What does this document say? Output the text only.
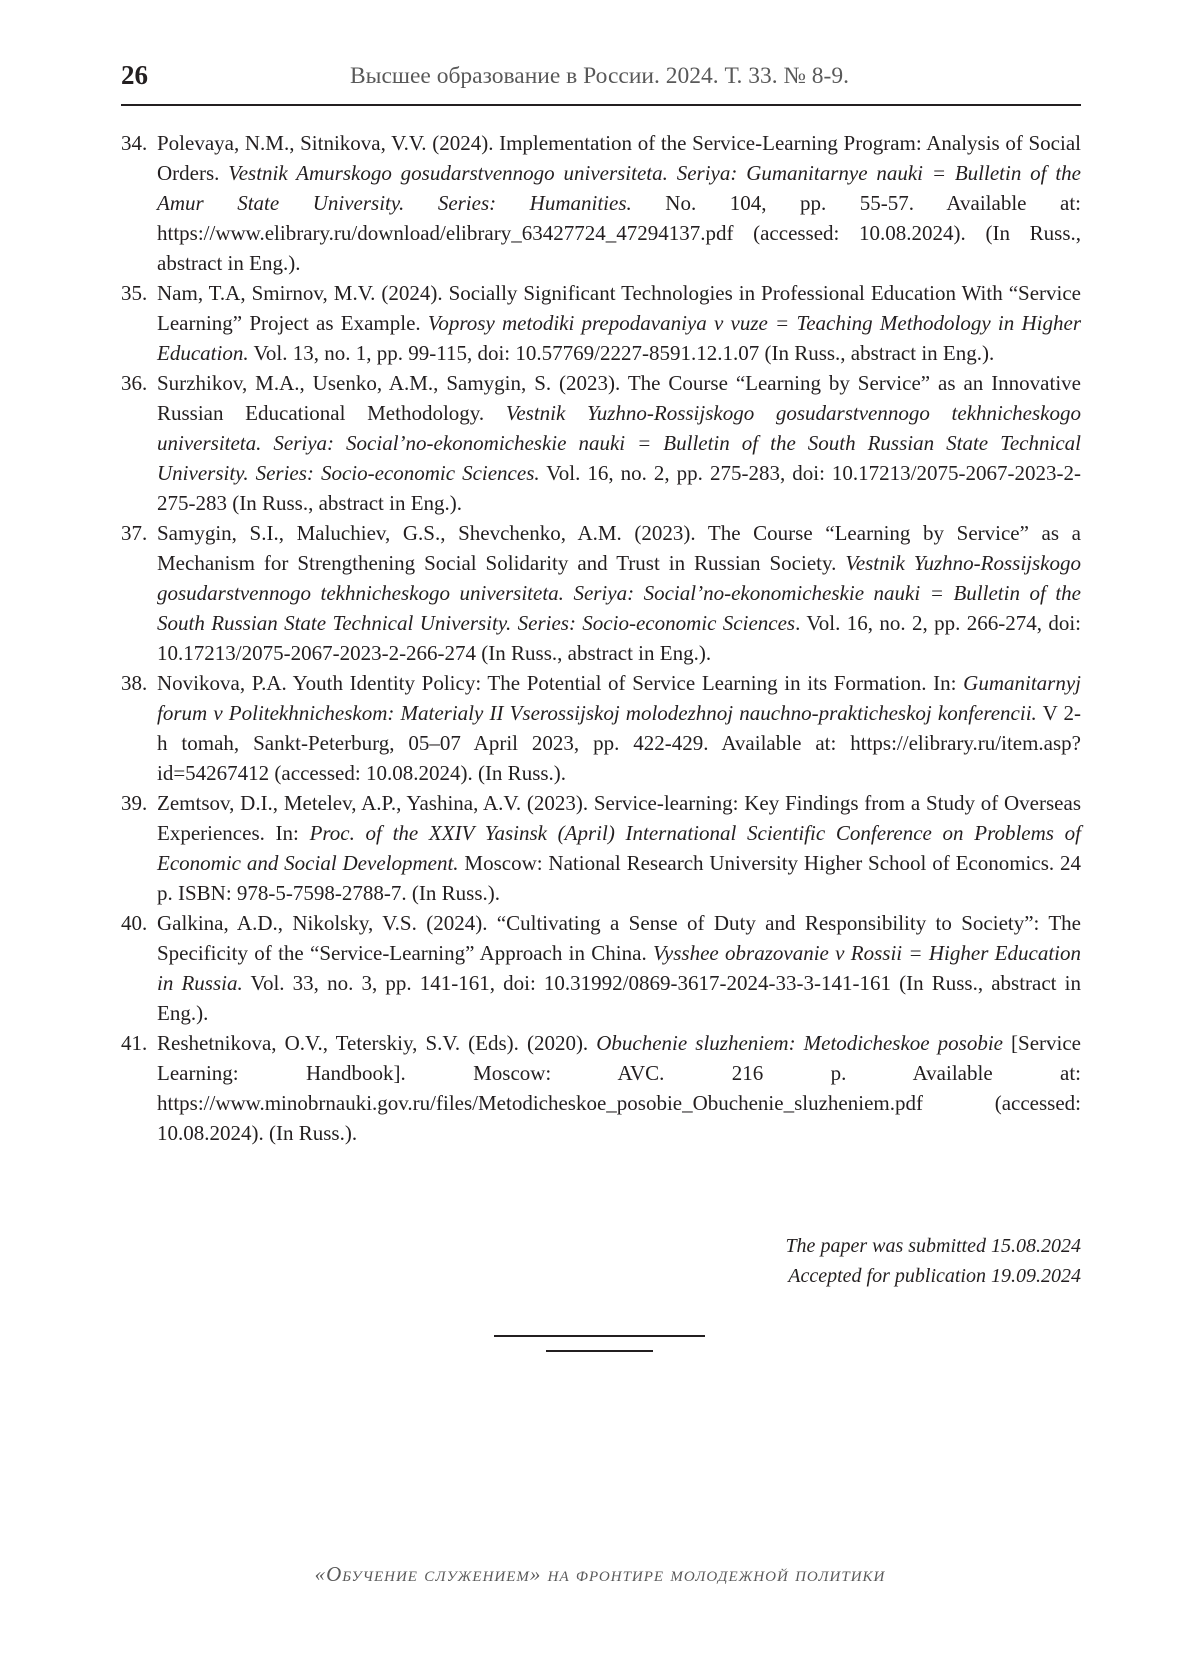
26	Высшее образование в России. 2024. Т. 33. № 8-9.
34. Polevaya, N.M., Sitnikova, V.V. (2024). Implementation of the Service-Learning Program: Analysis of Social Orders. Vestnik Amurskogo gosudarstvennogo universiteta. Seriya: Gumanitarnye nauki = Bulletin of the Amur State University. Series: Humanities. No. 104, pp. 55-57. Available at: https://www.elibrary.ru/download/elibrary_63427724_47294137.pdf (accessed: 10.08.2024). (In Russ., abstract in Eng.).
35. Nam, T.A, Smirnov, M.V. (2024). Socially Significant Technologies in Professional Education With “Service Learning” Project as Example. Voprosy metodiki prepodavaniya v vuze = Teaching Methodology in Higher Education. Vol. 13, no. 1, pp. 99-115, doi: 10.57769/2227-8591.12.1.07 (In Russ., abstract in Eng.).
36. Surzhikov, M.A., Usenko, A.M., Samygin, S. (2023). The Course “Learning by Service” as an Innovative Russian Educational Methodology. Vestnik Yuzhno-Rossijskogo gosudarstvennogo tekhnicheskogo universiteta. Seriya: Social’no-ekonomicheskie nauki = Bulletin of the South Russian State Technical University. Series: Socio-economic Sciences. Vol. 16, no. 2, pp. 275-283, doi: 10.17213/2075-2067-2023-2-275-283 (In Russ., abstract in Eng.).
37. Samygin, S.I., Maluchiev, G.S., Shevchenko, A.M. (2023). The Course “Learning by Service” as a Mechanism for Strengthening Social Solidarity and Trust in Russian Society. Vestnik Yuzhno-Rossijskogo gosudarstvennogo tekhnicheskogo universiteta. Seriya: Social’no-ekonomicheskie nauki = Bulletin of the South Russian State Technical University. Series: Socio-economic Sciences. Vol. 16, no. 2, pp. 266-274, doi: 10.17213/2075-2067-2023-2-266-274 (In Russ., abstract in Eng.).
38. Novikova, P.A. Youth Identity Policy: The Potential of Service Learning in its Formation. In: Gumanitarnyj forum v Politekhnicheskom: Materialy II Vserossijskoj molodezhnoj nauchno-prakticheskoj konferencii. V 2-h tomah, Sankt-Peterburg, 05–07 April 2023, pp. 422-429. Available at: https://elibrary.ru/item.asp?id=54267412 (accessed: 10.08.2024). (In Russ.).
39. Zemtsov, D.I., Metelev, A.P., Yashina, A.V. (2023). Service-learning: Key Findings from a Study of Overseas Experiences. In: Proc. of the XXIV Yasinsk (April) International Scientific Conference on Problems of Economic and Social Development. Moscow: National Research University Higher School of Economics. 24 p. ISBN: 978-5-7598-2788-7. (In Russ.).
40. Galkina, A.D., Nikolsky, V.S. (2024). “Cultivating a Sense of Duty and Responsibility to Society”: The Specificity of the “Service-Learning” Approach in China. Vysshee obrazovanie v Rossii = Higher Education in Russia. Vol. 33, no. 3, pp. 141-161, doi: 10.31992/0869-3617-2024-33-3-141-161 (In Russ., abstract in Eng.).
41. Reshetnikova, O.V., Teterskiy, S.V. (Eds). (2020). Obuchenie sluzheniem: Metodicheskoe posobie [Service Learning: Handbook]. Moscow: AVC. 216 p. Available at: https://www.minobrnauki.gov.ru/files/Metodicheskoe_posobie_Obuchenie_sluzheniem.pdf (accessed: 10.08.2024). (In Russ.).
The paper was submitted 15.08.2024
Accepted for publication 19.09.2024
«Обучение служением» на фронтире молодежной политики
